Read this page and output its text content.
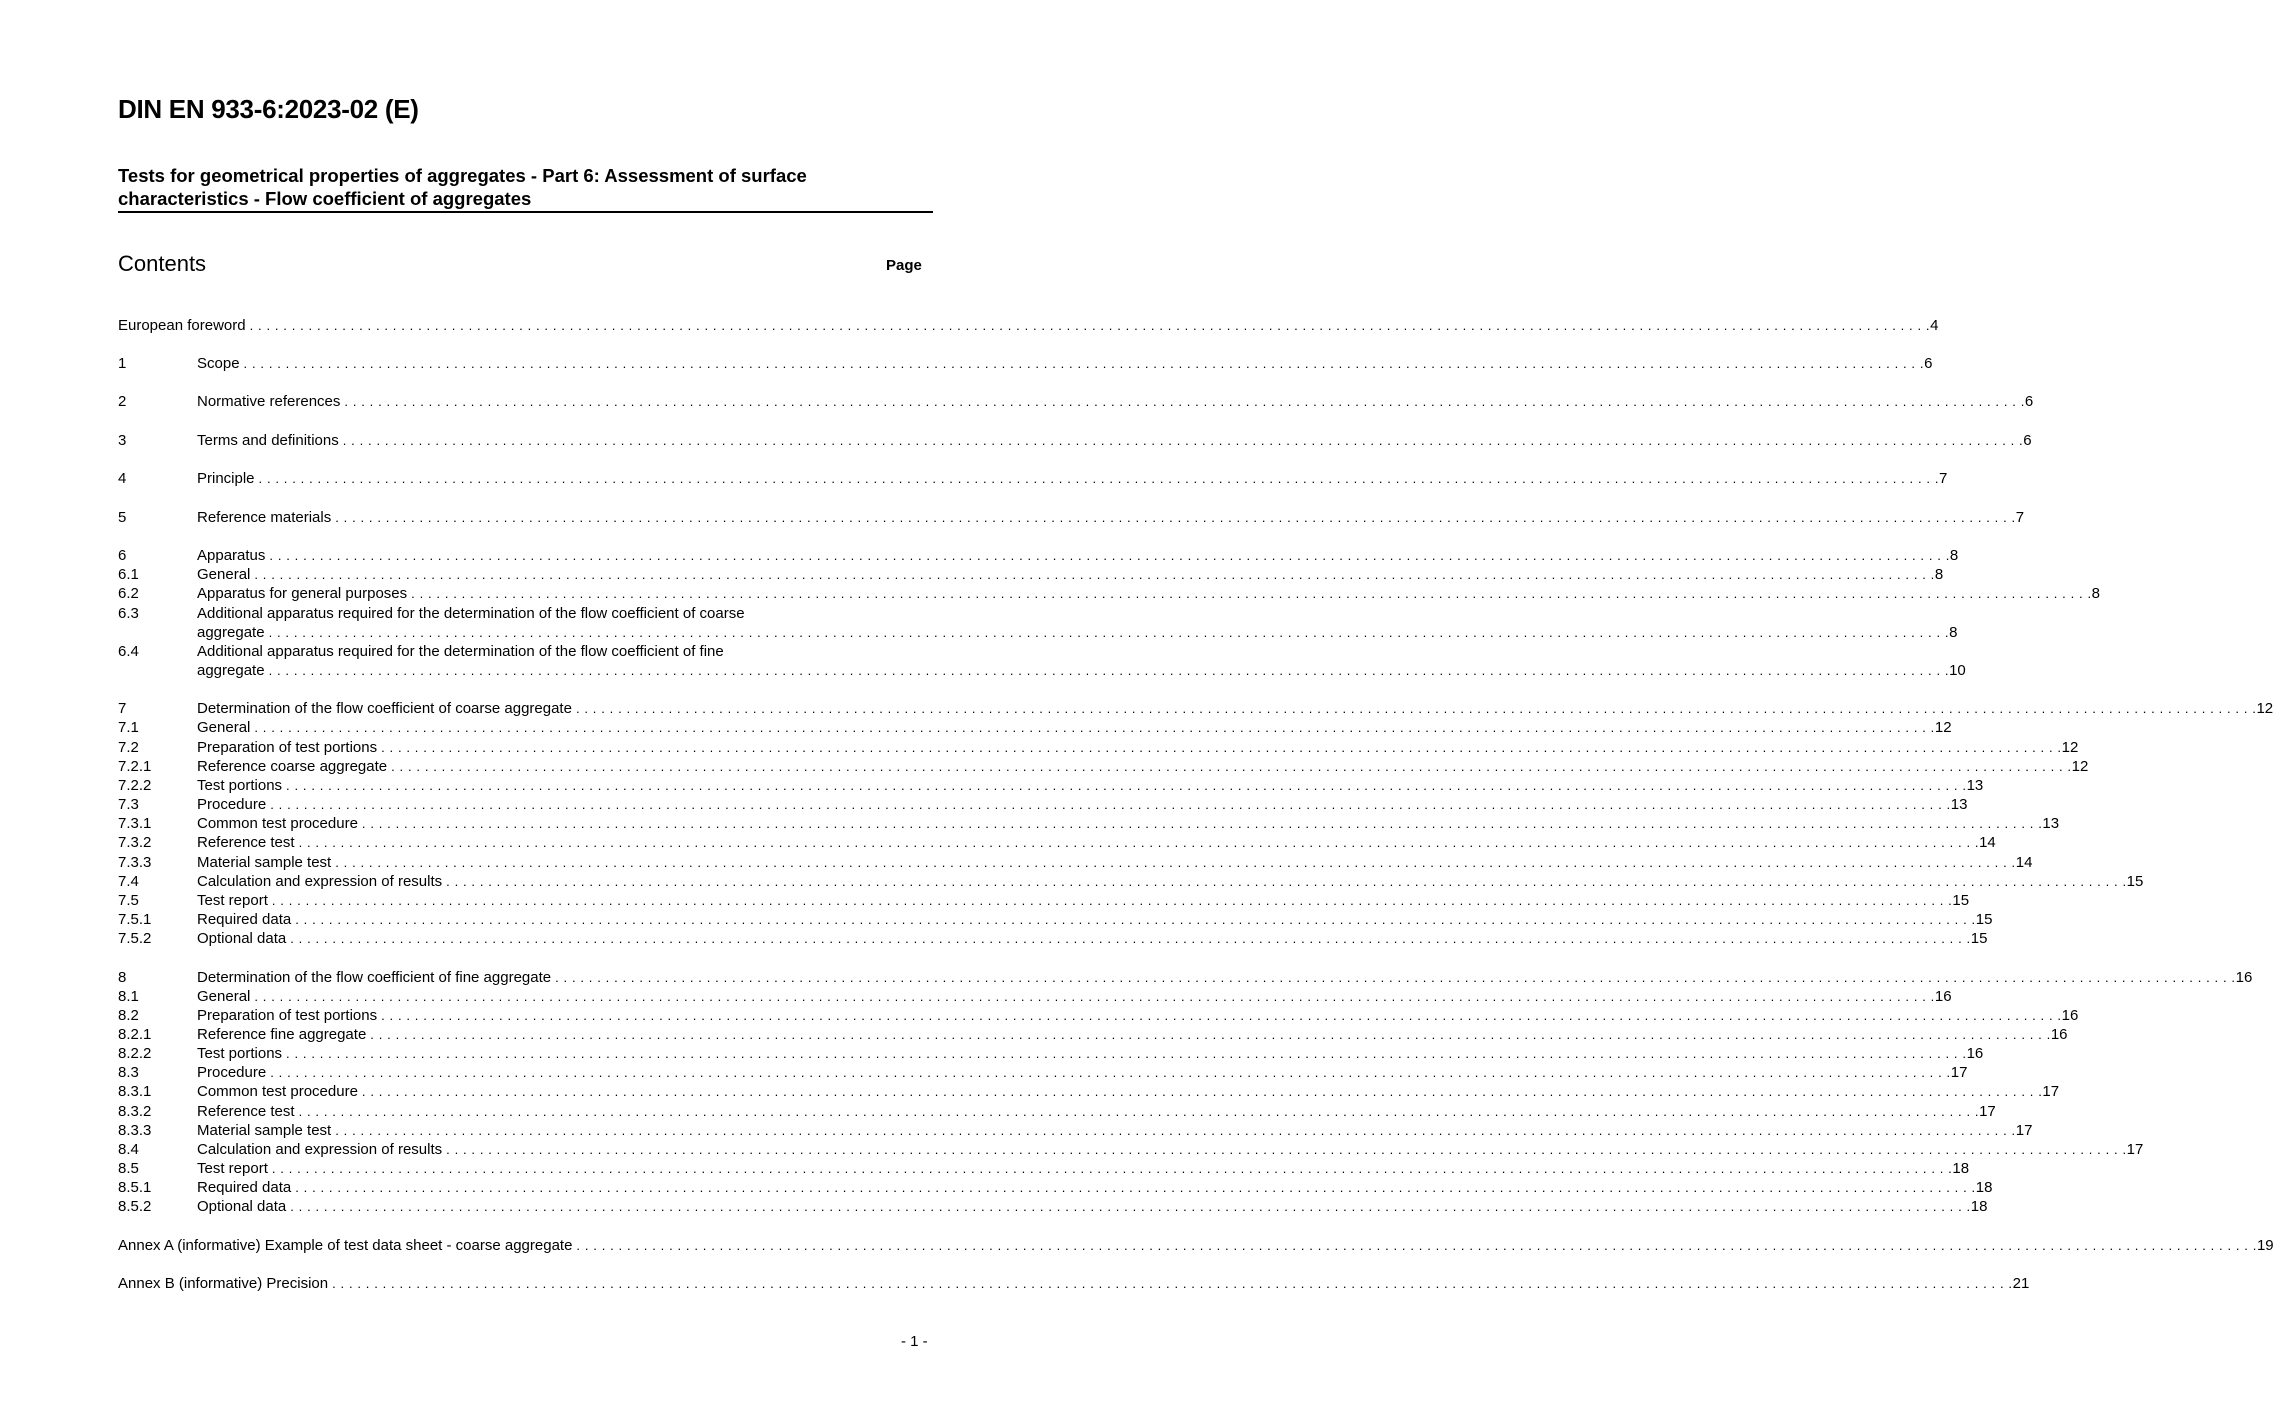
DIN EN 933-6:2023-02 (E)
Tests for geometrical properties of aggregates - Part 6: Assessment of surface
characteristics - Flow coefficient of aggregates
Contents	Page
European foreword . . . . . . . . . . . . . . . . . . . . . . . . . . . . . . . . . . . . . . . . . . . . . . . . . . . . . . . . . . . . . . . . . . . . . . . . . . . . . . . . . . . . . . . . . . . . . . . . . . . . . . . . . . . . . . . . . . . . . . . . . . . . . . . . . . . . . . . . . . . . . . . . . . . . . . . . . . . . . . . . . . . . . . . . . . . . . . . . . . . . . . . . . . . . . . . . . . . . . . . . 4
1	Scope . . . . . . . . . . . . . . . . . . . . . . . . . . . . . . . . . . . . . . . . . . . . . . . . . . . . . . . . . . . . . . . . . . . . . . . . . . . . . . . . . . . . . . . . . . . . . . . . . . . . . . . . . . . . . . . . . . . . . . . . . . . . . . . . . . . . . . . . . . . . . . . . . . . . . . . . . . . . . . . . . . . . . . . . . . . . . . . . . . . . . . . . . . . . . . . . . . . . . . . . 6
2	Normative references . . . . . . . . . . . . . . . . . . . . . . . . . . . . . . . . . . . . . . . . . . . . . . . . . . . . . . . . . . . . . . . . . . . . . . . . . . . . . . . . . . . . . . . . . . . . . . . . . . . . . . . . . . . . . . . . . . . . . . . . . . . . . . . . . . . . . . . . . . . . . . . . . . . . . . . . . . . . . . . . . . . . . . . . . . . . . . . . . . . . . . . . . . . . . . . . . . . . . . . . 6
3	Terms and definitions . . . . . . . . . . . . . . . . . . . . . . . . . . . . . . . . . . . . . . . . . . . . . . . . . . . . . . . . . . . . . . . . . . . . . . . . . . . . . . . . . . . . . . . . . . . . . . . . . . . . . . . . . . . . . . . . . . . . . . . . . . . . . . . . . . . . . . . . . . . . . . . . . . . . . . . . . . . . . . . . . . . . . . . . . . . . . . . . . . . . . . . . . . . . . . . . . . . . . . . . 6
4	Principle . . . . . . . . . . . . . . . . . . . . . . . . . . . . . . . . . . . . . . . . . . . . . . . . . . . . . . . . . . . . . . . . . . . . . . . . . . . . . . . . . . . . . . . . . . . . . . . . . . . . . . . . . . . . . . . . . . . . . . . . . . . . . . . . . . . . . . . . . . . . . . . . . . . . . . . . . . . . . . . . . . . . . . . . . . . . . . . . . . . . . . . . . . . . . . . . . . . . . . . . 7
5	Reference materials . . . . . . . . . . . . . . . . . . . . . . . . . . . . . . . . . . . . . . . . . . . . . . . . . . . . . . . . . . . . . . . . . . . . . . . . . . . . . . . . . . . . . . . . . . . . . . . . . . . . . . . . . . . . . . . . . . . . . . . . . . . . . . . . . . . . . . . . . . . . . . . . . . . . . . . . . . . . . . . . . . . . . . . . . . . . . . . . . . . . . . . . . . . . . . . . . . . . . . . . 7
6	Apparatus . . . . . . . . . . . . . . . . . . . . . . . . . . . . . . . . . . . . . . . . . . . . . . . . . . . . . . . . . . . . . . . . . . . . . . . . . . . . . . . . . . . . . . . . . . . . . . . . . . . . . . . . . . . . . . . . . . . . . . . . . . . . . . . . . . . . . . . . . . . . . . . . . . . . . . . . . . . . . . . . . . . . . . . . . . . . . . . . . . . . . . . . . . . . . . . . . . . . . . . . 8
6.1	General . . . . . . . . . . . . . . . . . . . . . . . . . . . . . . . . . . . . . . . . . . . . . . . . . . . . . . . . . . . . . . . . . . . . . . . . . . . . . . . . . . . . . . . . . . . . . . . . . . . . . . . . . . . . . . . . . . . . . . . . . . . . . . . . . . . . . . . . . . . . . . . . . . . . . . . . . . . . . . . . . . . . . . . . . . . . . . . . . . . . . . . . . . . . . . . . . . . . . . . . 8
6.2	Apparatus for general purposes . . . . . . . . . . . . . . . . . . . . . . . . . . . . . . . . . . . . . . . . . . . . . . . . . . . . . . . . . . . . . . . . . . . . . . . . . . . . . . . . . . . . . . . . . . . . . . . . . . . . . . . . . . . . . . . . . . . . . . . . . . . . . . . . . . . . . . . . . . . . . . . . . . . . . . . . . . . . . . . . . . . . . . . . . . . . . . . . . . . . . . . . . . . . . . . . . . . . . . . . 8
6.3	Additional apparatus required for the determination of the flow coefficient of coarse
aggregate . . . . . . . . . . . . . . . . . . . . . . . . . . . . . . . . . . . . . . . . . . . . . . . . . . . . . . . . . . . . . . . . . . . . . . . . . . . . . . . . . . . . . . . . . . . . . . . . . . . . . . . . . . . . . . . . . . . . . . . . . . . . . . . . . . . . . . . . . . . . . . . . . . . . . . . . . . . . . . . . . . . . . . . . . . . . . . . . . . . . . . . . . . . . . . . . . . . . . . . . 8
6.4	Additional apparatus required for the determination of the flow coefficient of fine
aggregate . . . . . . . . . . . . . . . . . . . . . . . . . . . . . . . . . . . . . . . . . . . . . . . . . . . . . . . . . . . . . . . . . . . . . . . . . . . . . . . . . . . . . . . . . . . . . . . . . . . . . . . . . . . . . . . . . . . . . . . . . . . . . . . . . . . . . . . . . . . . . . . . . . . . . . . . . . . . . . . . . . . . . . . . . . . . . . . . . . . . . . . . . . . . . . . . . . . . . . . . 10
7	Determination of the flow coefficient of coarse aggregate . . . . . . . . . . . . . . . . . . . . . . . . . . . . . . . . . . . . . . . . . . . . . . . . . . . . . . . . . . . . . . . . . . . . . . . . . . . . . . . . . . . . . . . . . . . . . . . . . . . . . . . . . . . . . . . . . . . . . . . . . . . . . . . . . . . . . . . . . . . . . . . . . . . . . . . . . . . . . . . . . . . . . . . . . . . . . . . . . . . . . . . . . . . . . . . . . . . . . . . . 12
7.1	General . . . . . . . . . . . . . . . . . . . . . . . . . . . . . . . . . . . . . . . . . . . . . . . . . . . . . . . . . . . . . . . . . . . . . . . . . . . . . . . . . . . . . . . . . . . . . . . . . . . . . . . . . . . . . . . . . . . . . . . . . . . . . . . . . . . . . . . . . . . . . . . . . . . . . . . . . . . . . . . . . . . . . . . . . . . . . . . . . . . . . . . . . . . . . . . . . . . . . . . . 12
7.2	Preparation of test portions . . . . . . . . . . . . . . . . . . . . . . . . . . . . . . . . . . . . . . . . . . . . . . . . . . . . . . . . . . . . . . . . . . . . . . . . . . . . . . . . . . . . . . . . . . . . . . . . . . . . . . . . . . . . . . . . . . . . . . . . . . . . . . . . . . . . . . . . . . . . . . . . . . . . . . . . . . . . . . . . . . . . . . . . . . . . . . . . . . . . . . . . . . . . . . . . . . . . . . . . 12
7.2.1	Reference coarse aggregate . . . . . . . . . . . . . . . . . . . . . . . . . . . . . . . . . . . . . . . . . . . . . . . . . . . . . . . . . . . . . . . . . . . . . . . . . . . . . . . . . . . . . . . . . . . . . . . . . . . . . . . . . . . . . . . . . . . . . . . . . . . . . . . . . . . . . . . . . . . . . . . . . . . . . . . . . . . . . . . . . . . . . . . . . . . . . . . . . . . . . . . . . . . . . . . . . . . . . . . . 12
7.2.2	Test portions . . . . . . . . . . . . . . . . . . . . . . . . . . . . . . . . . . . . . . . . . . . . . . . . . . . . . . . . . . . . . . . . . . . . . . . . . . . . . . . . . . . . . . . . . . . . . . . . . . . . . . . . . . . . . . . . . . . . . . . . . . . . . . . . . . . . . . . . . . . . . . . . . . . . . . . . . . . . . . . . . . . . . . . . . . . . . . . . . . . . . . . . . . . . . . . . . . . . . . . . 13
7.3	Procedure . . . . . . . . . . . . . . . . . . . . . . . . . . . . . . . . . . . . . . . . . . . . . . . . . . . . . . . . . . . . . . . . . . . . . . . . . . . . . . . . . . . . . . . . . . . . . . . . . . . . . . . . . . . . . . . . . . . . . . . . . . . . . . . . . . . . . . . . . . . . . . . . . . . . . . . . . . . . . . . . . . . . . . . . . . . . . . . . . . . . . . . . . . . . . . . . . . . . . . . . 13
7.3.1	Common test procedure . . . . . . . . . . . . . . . . . . . . . . . . . . . . . . . . . . . . . . . . . . . . . . . . . . . . . . . . . . . . . . . . . . . . . . . . . . . . . . . . . . . . . . . . . . . . . . . . . . . . . . . . . . . . . . . . . . . . . . . . . . . . . . . . . . . . . . . . . . . . . . . . . . . . . . . . . . . . . . . . . . . . . . . . . . . . . . . . . . . . . . . . . . . . . . . . . . . . . . . . 13
7.3.2	Reference test . . . . . . . . . . . . . . . . . . . . . . . . . . . . . . . . . . . . . . . . . . . . . . . . . . . . . . . . . . . . . . . . . . . . . . . . . . . . . . . . . . . . . . . . . . . . . . . . . . . . . . . . . . . . . . . . . . . . . . . . . . . . . . . . . . . . . . . . . . . . . . . . . . . . . . . . . . . . . . . . . . . . . . . . . . . . . . . . . . . . . . . . . . . . . . . . . . . . . . . . 14
7.3.3	Material sample test . . . . . . . . . . . . . . . . . . . . . . . . . . . . . . . . . . . . . . . . . . . . . . . . . . . . . . . . . . . . . . . . . . . . . . . . . . . . . . . . . . . . . . . . . . . . . . . . . . . . . . . . . . . . . . . . . . . . . . . . . . . . . . . . . . . . . . . . . . . . . . . . . . . . . . . . . . . . . . . . . . . . . . . . . . . . . . . . . . . . . . . . . . . . . . . . . . . . . . . . 14
7.4	Calculation and expression of results . . . . . . . . . . . . . . . . . . . . . . . . . . . . . . . . . . . . . . . . . . . . . . . . . . . . . . . . . . . . . . . . . . . . . . . . . . . . . . . . . . . . . . . . . . . . . . . . . . . . . . . . . . . . . . . . . . . . . . . . . . . . . . . . . . . . . . . . . . . . . . . . . . . . . . . . . . . . . . . . . . . . . . . . . . . . . . . . . . . . . . . . . . . . . . . . . . . . . . . . 15
7.5	Test report . . . . . . . . . . . . . . . . . . . . . . . . . . . . . . . . . . . . . . . . . . . . . . . . . . . . . . . . . . . . . . . . . . . . . . . . . . . . . . . . . . . . . . . . . . . . . . . . . . . . . . . . . . . . . . . . . . . . . . . . . . . . . . . . . . . . . . . . . . . . . . . . . . . . . . . . . . . . . . . . . . . . . . . . . . . . . . . . . . . . . . . . . . . . . . . . . . . . . . . . 15
7.5.1	Required data . . . . . . . . . . . . . . . . . . . . . . . . . . . . . . . . . . . . . . . . . . . . . . . . . . . . . . . . . . . . . . . . . . . . . . . . . . . . . . . . . . . . . . . . . . . . . . . . . . . . . . . . . . . . . . . . . . . . . . . . . . . . . . . . . . . . . . . . . . . . . . . . . . . . . . . . . . . . . . . . . . . . . . . . . . . . . . . . . . . . . . . . . . . . . . . . . . . . . . . . 15
7.5.2	Optional data . . . . . . . . . . . . . . . . . . . . . . . . . . . . . . . . . . . . . . . . . . . . . . . . . . . . . . . . . . . . . . . . . . . . . . . . . . . . . . . . . . . . . . . . . . . . . . . . . . . . . . . . . . . . . . . . . . . . . . . . . . . . . . . . . . . . . . . . . . . . . . . . . . . . . . . . . . . . . . . . . . . . . . . . . . . . . . . . . . . . . . . . . . . . . . . . . . . . . . . . 15
8	Determination of the flow coefficient of fine aggregate . . . . . . . . . . . . . . . . . . . . . . . . . . . . . . . . . . . . . . . . . . . . . . . . . . . . . . . . . . . . . . . . . . . . . . . . . . . . . . . . . . . . . . . . . . . . . . . . . . . . . . . . . . . . . . . . . . . . . . . . . . . . . . . . . . . . . . . . . . . . . . . . . . . . . . . . . . . . . . . . . . . . . . . . . . . . . . . . . . . . . . . . . . . . . . . . . . . . . . . . 16
8.1	General . . . . . . . . . . . . . . . . . . . . . . . . . . . . . . . . . . . . . . . . . . . . . . . . . . . . . . . . . . . . . . . . . . . . . . . . . . . . . . . . . . . . . . . . . . . . . . . . . . . . . . . . . . . . . . . . . . . . . . . . . . . . . . . . . . . . . . . . . . . . . . . . . . . . . . . . . . . . . . . . . . . . . . . . . . . . . . . . . . . . . . . . . . . . . . . . . . . . . . . . 16
8.2	Preparation of test portions . . . . . . . . . . . . . . . . . . . . . . . . . . . . . . . . . . . . . . . . . . . . . . . . . . . . . . . . . . . . . . . . . . . . . . . . . . . . . . . . . . . . . . . . . . . . . . . . . . . . . . . . . . . . . . . . . . . . . . . . . . . . . . . . . . . . . . . . . . . . . . . . . . . . . . . . . . . . . . . . . . . . . . . . . . . . . . . . . . . . . . . . . . . . . . . . . . . . . . . . 16
8.2.1	Reference fine aggregate . . . . . . . . . . . . . . . . . . . . . . . . . . . . . . . . . . . . . . . . . . . . . . . . . . . . . . . . . . . . . . . . . . . . . . . . . . . . . . . . . . . . . . . . . . . . . . . . . . . . . . . . . . . . . . . . . . . . . . . . . . . . . . . . . . . . . . . . . . . . . . . . . . . . . . . . . . . . . . . . . . . . . . . . . . . . . . . . . . . . . . . . . . . . . . . . . . . . . . . . 16
8.2.2	Test portions . . . . . . . . . . . . . . . . . . . . . . . . . . . . . . . . . . . . . . . . . . . . . . . . . . . . . . . . . . . . . . . . . . . . . . . . . . . . . . . . . . . . . . . . . . . . . . . . . . . . . . . . . . . . . . . . . . . . . . . . . . . . . . . . . . . . . . . . . . . . . . . . . . . . . . . . . . . . . . . . . . . . . . . . . . . . . . . . . . . . . . . . . . . . . . . . . . . . . . . . 16
8.3	Procedure . . . . . . . . . . . . . . . . . . . . . . . . . . . . . . . . . . . . . . . . . . . . . . . . . . . . . . . . . . . . . . . . . . . . . . . . . . . . . . . . . . . . . . . . . . . . . . . . . . . . . . . . . . . . . . . . . . . . . . . . . . . . . . . . . . . . . . . . . . . . . . . . . . . . . . . . . . . . . . . . . . . . . . . . . . . . . . . . . . . . . . . . . . . . . . . . . . . . . . . . 17
8.3.1	Common test procedure . . . . . . . . . . . . . . . . . . . . . . . . . . . . . . . . . . . . . . . . . . . . . . . . . . . . . . . . . . . . . . . . . . . . . . . . . . . . . . . . . . . . . . . . . . . . . . . . . . . . . . . . . . . . . . . . . . . . . . . . . . . . . . . . . . . . . . . . . . . . . . . . . . . . . . . . . . . . . . . . . . . . . . . . . . . . . . . . . . . . . . . . . . . . . . . . . . . . . . . . 17
8.3.2	Reference test . . . . . . . . . . . . . . . . . . . . . . . . . . . . . . . . . . . . . . . . . . . . . . . . . . . . . . . . . . . . . . . . . . . . . . . . . . . . . . . . . . . . . . . . . . . . . . . . . . . . . . . . . . . . . . . . . . . . . . . . . . . . . . . . . . . . . . . . . . . . . . . . . . . . . . . . . . . . . . . . . . . . . . . . . . . . . . . . . . . . . . . . . . . . . . . . . . . . . . . . 17
8.3.3	Material sample test . . . . . . . . . . . . . . . . . . . . . . . . . . . . . . . . . . . . . . . . . . . . . . . . . . . . . . . . . . . . . . . . . . . . . . . . . . . . . . . . . . . . . . . . . . . . . . . . . . . . . . . . . . . . . . . . . . . . . . . . . . . . . . . . . . . . . . . . . . . . . . . . . . . . . . . . . . . . . . . . . . . . . . . . . . . . . . . . . . . . . . . . . . . . . . . . . . . . . . . . 17
8.4	Calculation and expression of results . . . . . . . . . . . . . . . . . . . . . . . . . . . . . . . . . . . . . . . . . . . . . . . . . . . . . . . . . . . . . . . . . . . . . . . . . . . . . . . . . . . . . . . . . . . . . . . . . . . . . . . . . . . . . . . . . . . . . . . . . . . . . . . . . . . . . . . . . . . . . . . . . . . . . . . . . . . . . . . . . . . . . . . . . . . . . . . . . . . . . . . . . . . . . . . . . . . . . . . . 17
8.5	Test report . . . . . . . . . . . . . . . . . . . . . . . . . . . . . . . . . . . . . . . . . . . . . . . . . . . . . . . . . . . . . . . . . . . . . . . . . . . . . . . . . . . . . . . . . . . . . . . . . . . . . . . . . . . . . . . . . . . . . . . . . . . . . . . . . . . . . . . . . . . . . . . . . . . . . . . . . . . . . . . . . . . . . . . . . . . . . . . . . . . . . . . . . . . . . . . . . . . . . . . . 18
8.5.1	Required data . . . . . . . . . . . . . . . . . . . . . . . . . . . . . . . . . . . . . . . . . . . . . . . . . . . . . . . . . . . . . . . . . . . . . . . . . . . . . . . . . . . . . . . . . . . . . . . . . . . . . . . . . . . . . . . . . . . . . . . . . . . . . . . . . . . . . . . . . . . . . . . . . . . . . . . . . . . . . . . . . . . . . . . . . . . . . . . . . . . . . . . . . . . . . . . . . . . . . . . . 18
8.5.2	Optional data . . . . . . . . . . . . . . . . . . . . . . . . . . . . . . . . . . . . . . . . . . . . . . . . . . . . . . . . . . . . . . . . . . . . . . . . . . . . . . . . . . . . . . . . . . . . . . . . . . . . . . . . . . . . . . . . . . . . . . . . . . . . . . . . . . . . . . . . . . . . . . . . . . . . . . . . . . . . . . . . . . . . . . . . . . . . . . . . . . . . . . . . . . . . . . . . . . . . . . . . 18
Annex A (informative) Example of test data sheet - coarse aggregate . . . . . . . . . . . . . . . . . . . . . . . . . . . . . . . . . . . . . . . . . . . . . . . . . . . . . . . . . . . . . . . . . . . . . . . . . . . . . . . . . . . . . . . . . . . . . . . . . . . . . . . . . . . . . . . . . . . . . . . . . . . . . . . . . . . . . . . . . . . . . . . . . . . . . . . . . . . . . . . . . . . . . . . . . . . . . . . . . . . . . . . . . . . . . . . . . . . . . . . . 19
Annex B (informative) Precision . . . . . . . . . . . . . . . . . . . . . . . . . . . . . . . . . . . . . . . . . . . . . . . . . . . . . . . . . . . . . . . . . . . . . . . . . . . . . . . . . . . . . . . . . . . . . . . . . . . . . . . . . . . . . . . . . . . . . . . . . . . . . . . . . . . . . . . . . . . . . . . . . . . . . . . . . . . . . . . . . . . . . . . . . . . . . . . . . . . . . . . . . . . . . . . . . . . . . . . . 21
- 1 -
